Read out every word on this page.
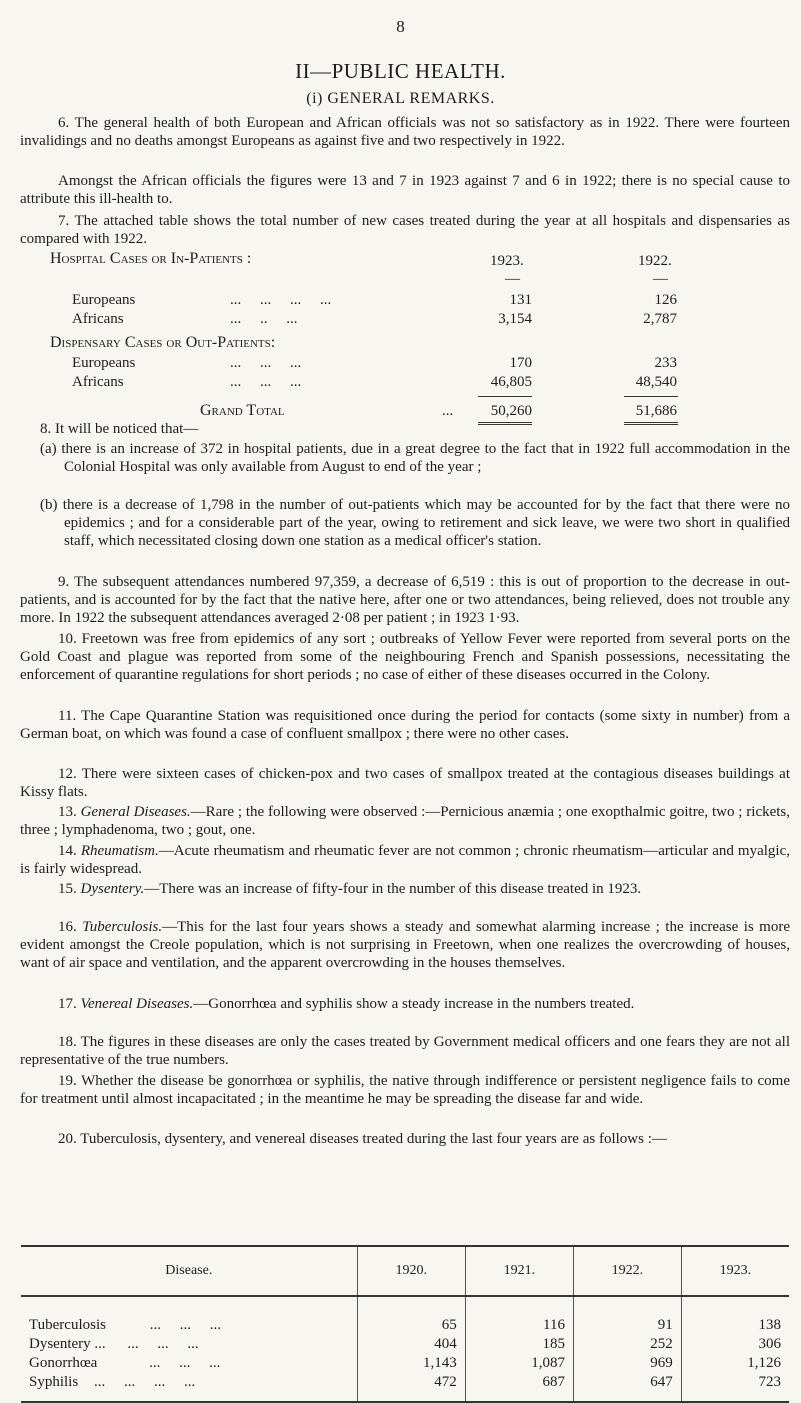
8
II—PUBLIC HEALTH.
(i) GENERAL REMARKS.
6. The general health of both European and African officials was not so satisfactory as in 1922. There were fourteen invalidings and no deaths amongst Europeans as against five and two respectively in 1922.
Amongst the African officials the figures were 13 and 7 in 1923 against 7 and 6 in 1922; there is no special cause to attribute this ill-health to.
7. The attached table shows the total number of new cases treated during the year at all hospitals and dispensaries as compared with 1922.
Hospital Cases or In-Patients :	1923.	1922.
—	—
Europeans	...     ...     ...     ...	131	126
Africans	...     ..     ...	3,154	2,787
Dispensary Cases or Out-Patients:
Europeans	...     ...     ...	170	233
Africans	...     ...     ...	46,805	48,540
Grand Total	...	50,260	51,686
8. It will be noticed that—
(a) there is an increase of 372 in hospital patients, due in a great degree to the fact that in 1922 full accommodation in the Colonial Hospital was only available from August to end of the year ;
(b) there is a decrease of 1,798 in the number of out-patients which may be accounted for by the fact that there were no epidemics ; and for a considerable part of the year, owing to retirement and sick leave, we were two short in qualified staff, which necessitated closing down one station as a medical officer's station.
9. The subsequent attendances numbered 97,359, a decrease of 6,519 : this is out of proportion to the decrease in out-patients, and is accounted for by the fact that the native here, after one or two attendances, being relieved, does not trouble any more. In 1922 the subsequent attendances averaged 2·08 per patient ; in 1923 1·93.
10. Freetown was free from epidemics of any sort ; outbreaks of Yellow Fever were reported from several ports on the Gold Coast and plague was reported from some of the neighbouring French and Spanish possessions, necessitating the enforcement of quarantine regulations for short periods ; no case of either of these diseases occurred in the Colony.
11. The Cape Quarantine Station was requisitioned once during the period for contacts (some sixty in number) from a German boat, on which was found a case of confluent smallpox ; there were no other cases.
12. There were sixteen cases of chicken-pox and two cases of smallpox treated at the contagious diseases buildings at Kissy flats.
13. General Diseases.—Rare ; the following were observed :—Pernicious anæmia ; one exopthalmic goitre, two ; rickets, three ; lymphadenoma, two ; gout, one.
14. Rheumatism.—Acute rheumatism and rheumatic fever are not common ; chronic rheumatism—articular and myalgic, is fairly widespread.
15. Dysentery.—There was an increase of fifty-four in the number of this disease treated in 1923.
16. Tuberculosis.—This for the last four years shows a steady and somewhat alarming increase ; the increase is more evident amongst the Creole population, which is not surprising in Freetown, when one realizes the overcrowding of houses, want of air space and ventilation, and the apparent overcrowding in the houses themselves.
17. Venereal Diseases.—Gonorrhœa and syphilis show a steady increase in the numbers treated.
18. The figures in these diseases are only the cases treated by Government medical officers and one fears they are not all representative of the true numbers.
19. Whether the disease be gonorrhœa or syphilis, the native through indifference or persistent negligence fails to come for treatment until almost incapacitated ; in the meantime he may be spreading the disease far and wide.
20. Tuberculosis, dysentery, and venereal diseases treated during the last four years are as follows :—
Disease.	1920.	1921.	1922.	1923.
Tuberculosis ...     ...     ...	65	116	91	138
Dysentery ... ...     ...     ...	404	185	252	306
Gonorrhœa ...     ...     ...	1,143	1,087	969	1,126
Syphilis ...     ...     ...     ...	472	687	647	723
